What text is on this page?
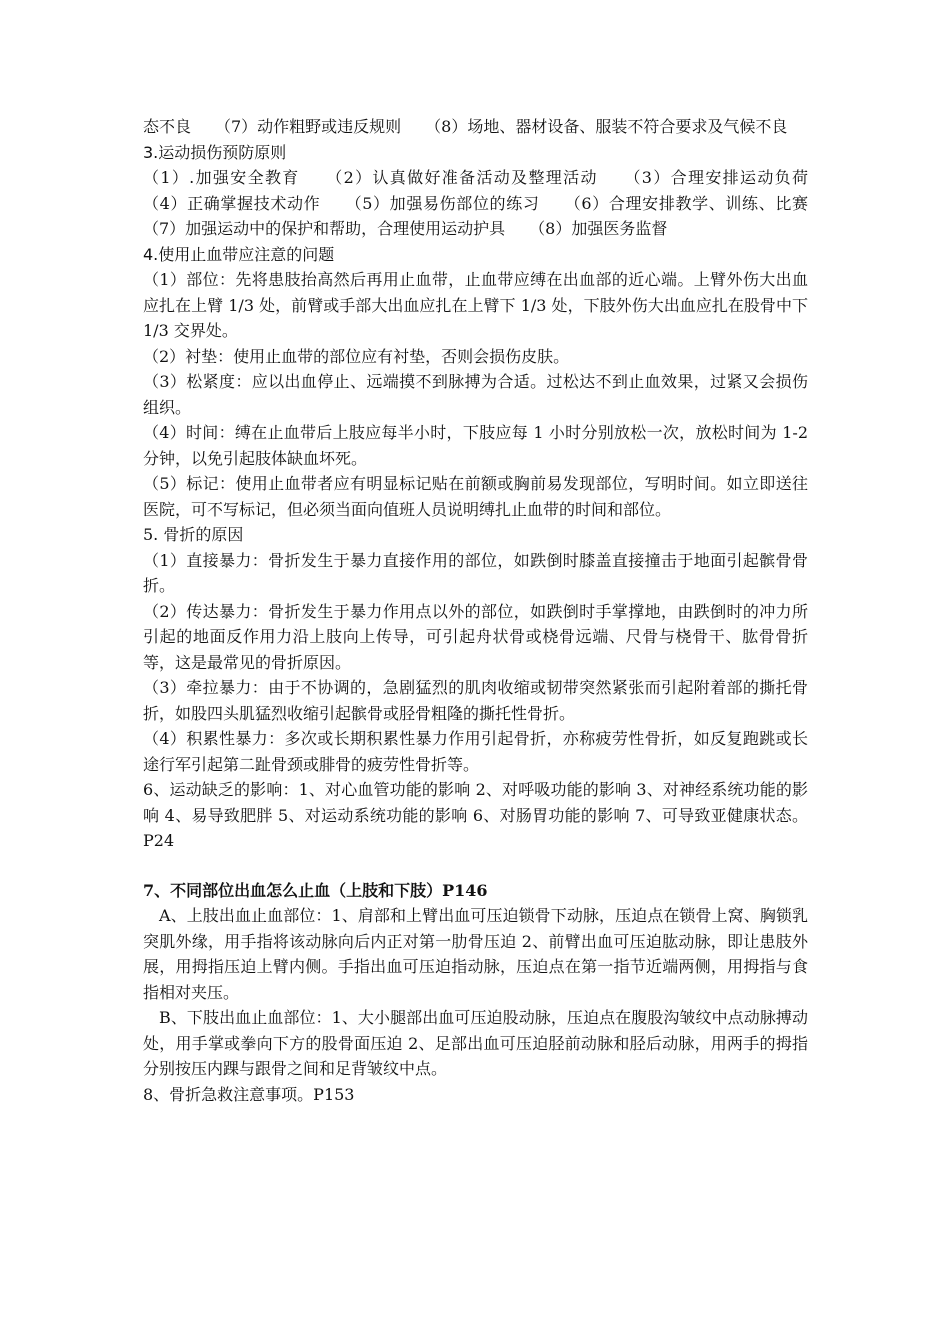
态不良　　（7）动作粗野或违反规则　　（8）场地、器材设备、服装不符合要求及气候不良

3.运动损伤预防原则

（1）.加强安全教育　　（2）认真做好准备活动及整理活动　　（3）合理安排运动负荷　　（4）正确掌握技术动作　　（5）加强易伤部位的练习　　（6）合理安排教学、训练、比赛　　（7）加强运动中的保护和帮助，合理使用运动护具　　（8）加强医务监督

4.使用止血带应注意的问题

（1）部位：先将患肢抬高然后再用止血带，止血带应缚在出血部的近心端。上臂外伤大出血应扎在上臂 1/3 处，前臂或手部大出血应扎在上臂下 1/3 处，下肢外伤大出血应扎在股骨中下 1/3 交界处。

（2）衬垫：使用止血带的部位应有衬垫，否则会损伤皮肤。

（3）松紧度：应以出血停止、远端摸不到脉搏为合适。过松达不到止血效果，过紧又会损伤组织。

（4）时间：缚在止血带后上肢应每半小时，下肢应每 1 小时分别放松一次，放松时间为 1-2 分钟，以免引起肢体缺血坏死。

（5）标记：使用止血带者应有明显标记贴在前额或胸前易发现部位，写明时间。如立即送往医院，可不写标记，但必须当面向值班人员说明缚扎止血带的时间和部位。

5. 骨折的原因

（1）直接暴力：骨折发生于暴力直接作用的部位，如跌倒时膝盖直接撞击于地面引起髌骨骨折。

（2）传达暴力：骨折发生于暴力作用点以外的部位，如跌倒时手掌撑地，由跌倒时的冲力所引起的地面反作用力沿上肢向上传导，可引起舟状骨或桡骨远端、尺骨与桡骨干、肱骨骨折等，这是最常见的骨折原因。

（3）牵拉暴力：由于不协调的，急剧猛烈的肌肉收缩或韧带突然紧张而引起附着部的撕托骨折，如股四头肌猛烈收缩引起髌骨或胫骨粗隆的撕托性骨折。

（4）积累性暴力：多次或长期积累性暴力作用引起骨折，亦称疲劳性骨折，如反复跑跳或长途行军引起第二趾骨颈或腓骨的疲劳性骨折等。

6、运动缺乏的影响：1、对心血管功能的影响 2、对呼吸功能的影响 3、对神经系统功能的影响 4、易导致肥胖 5、对运动系统功能的影响 6、对肠胃功能的影响 7、可导致亚健康状态。P24

7、不同部位出血怎么止血（上肢和下肢）P146

A、上肢出血止血部位：1、肩部和上臂出血可压迫锁骨下动脉，压迫点在锁骨上窝、胸锁乳突肌外缘，用手指将该动脉向后内正对第一肋骨压迫 2、前臂出血可压迫肱动脉，即让患肢外展，用拇指压迫上臂内侧。手指出血可压迫指动脉，压迫点在第一指节近端两侧，用拇指与食指相对夹压。

B、下肢出血止血部位：1、大小腿部出血可压迫股动脉，压迫点在腹股沟皱纹中点动脉搏动处，用手掌或拳向下方的股骨面压迫 2、足部出血可压迫胫前动脉和胫后动脉，用两手的拇指分别按压内踝与跟骨之间和足背皱纹中点。

8、骨折急救注意事项。P153
